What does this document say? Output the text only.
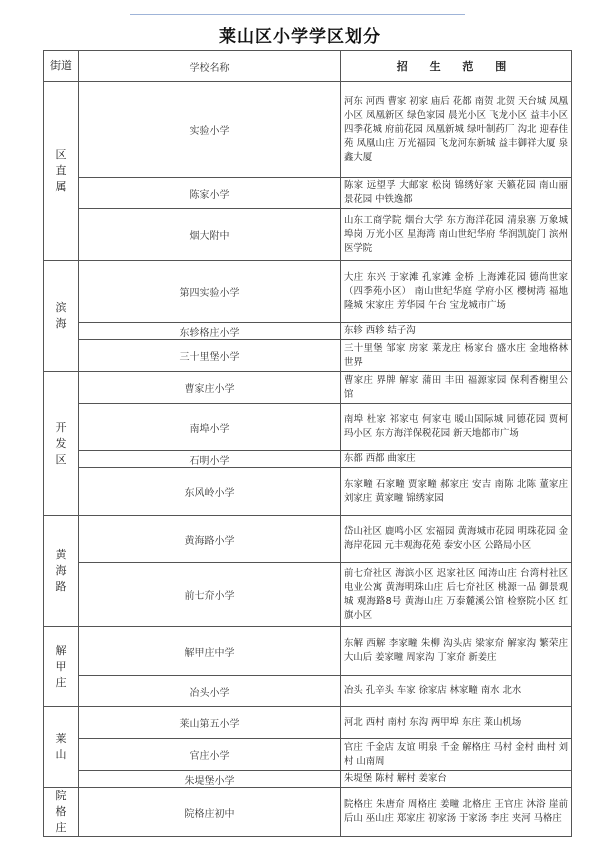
莱山区小学学区划分
街道	学校名称	招 生 范 围

区直属	实验小学	河东 河西 曹家 初家 庙后 花都 南贺 北贺 天台城 凤凰小区 凤凰新区 绿色家园 晨光小区 飞龙小区 益丰小区 四季花城 府前花园 凤凰新城 绿叶制药厂 沟北 迎春佳苑 凤凰山庄 万光福园 飞龙河东新城 益丰御祥大厦 泉鑫大厦
	陈家小学	陈家 远望孚 大邮家 松岗 锦绣好家 天籁花园 南山丽景花园 中铁逸都
	烟大附中	山东工商学院 烟台大学 东方海洋花园 清泉寨 万象城 埠岗 万光小区 星海湾 南山世纪华府 华润凯旋门 滨州医学院

滨海	第四实验小学	大庄 东兴 于家滩 孔家滩 金桥 上海滩花园 德尚世家（四季苑小区） 南山世纪华庭 学府小区 樱树湾 福地隆城 宋家庄 芳华园 午台 宝龙城市广场
	东轸格庄小学	东轸 西轸 结子沟
	三十里堡小学	三十里堡 邹家 房家 莱龙庄 杨家台 盛水庄 金地格林世界

开发区	曹家庄小学	曹家庄 界牌 解家 蒲田 丰田 福源家园 保利香榭里公馆
	南埠小学	南埠 杜家 祁家屯 何家屯 暖山国际城 同德花园 贾柯玛小区 东方海洋保税花园 新天地都市广场
	石明小学	东都 西都 曲家庄
	东风岭小学	东家疃 石家疃 贾家疃 郝家庄 安吉 南陈 北陈 董家庄 刘家庄 黄家疃 锦绣家园

黄海路	黄海路小学	岱山社区 鹿鸣小区 宏福园 黄海城市花园 明珠花园 金海岸花园 元丰观海花苑 泰安小区 公路局小区
	前七夼小学	前七夼社区 海滨小区 迟家社区 闻涛山庄 台湾村社区 电业公寓 黄海明珠山庄 后七夼社区 桃源一品 御景观城 观海路8号 黄海山庄 万泰麓溪公馆 检察院小区 红旗小区

解甲庄	解甲庄中学	东解 西解 李家疃 朱柳 沟头店 梁家夼 解家沟 繁荣庄 大山后 姜家疃 周家沟 丁家夼 新姜庄
	冶头小学	冶头 孔辛头 车家 徐家店 林家疃 南水 北水

莱山	莱山第五小学	河北 西村 南村 东沟 两甲埠 东庄 莱山机场
	官庄小学	官庄 千金店 友谊 明泉 千金 解格庄 马村 金村 曲村 刘村 山南周
	朱堤堡小学	朱堤堡 陈村 解村 姜家台

院格庄	院格庄初中	院格庄 朱唐夼 周格庄 姜疃 北格庄 王官庄 沐浴 崖前 后山 巫山庄 郑家庄 初家汤 于家汤 李庄 夹河 马格庄
